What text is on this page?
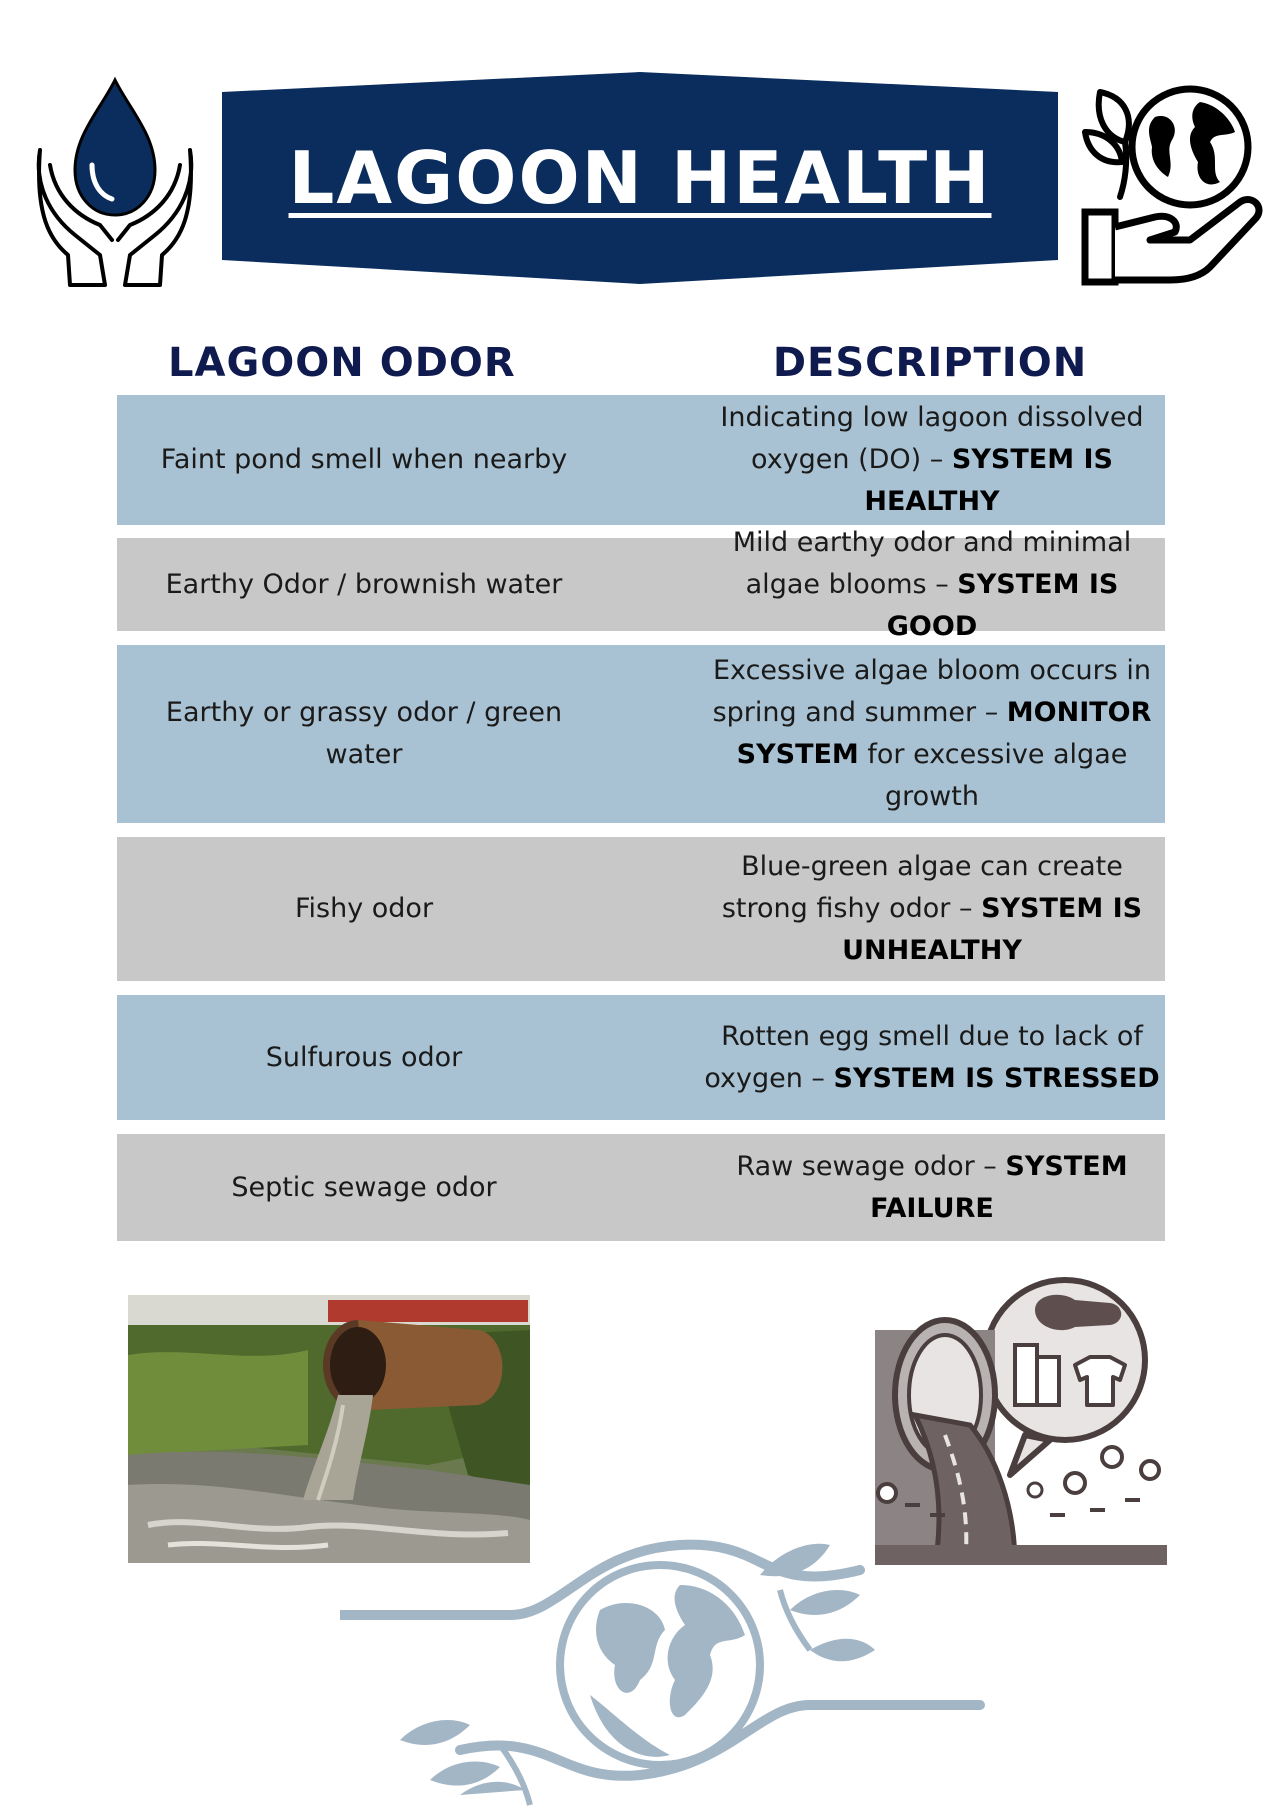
LAGOON HEALTH
LAGOON ODOR	DESCRIPTION
Faint pond smell when nearby
Indicating low lagoon dissolved oxygen (DO) – SYSTEM IS HEALTHY
Earthy Odor / brownish water
Mild earthy odor and minimal algae blooms – SYSTEM IS GOOD
Earthy or grassy odor / green water
Excessive algae bloom occurs in spring and summer – MONITOR SYSTEM for excessive algae growth
Fishy odor
Blue-green algae can create strong fishy odor – SYSTEM IS UNHEALTHY
Sulfurous odor
Rotten egg smell due to lack of oxygen – SYSTEM IS STRESSED
Septic sewage odor
Raw sewage odor – SYSTEM FAILURE
